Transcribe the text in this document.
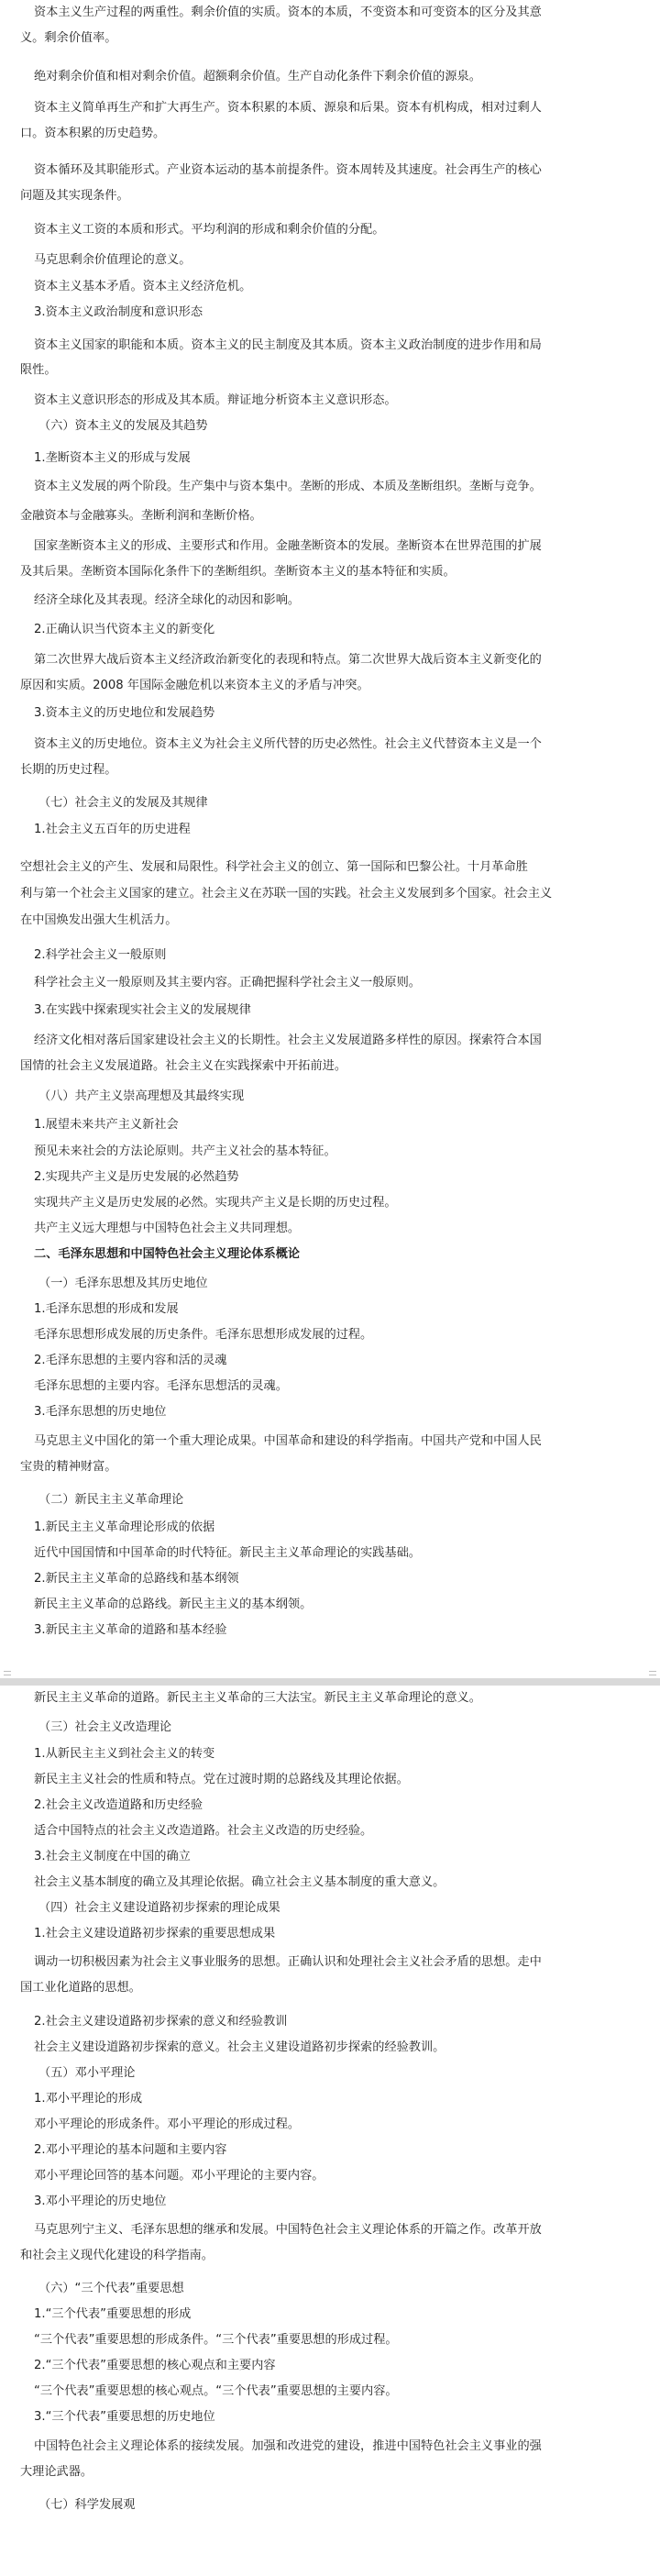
资本主义生产过程的两重性。剩余价值的实质。资本的本质，不变资本和可变资本的区分及其意
义。剩余价值率。
绝对剩余价值和相对剩余价值。超额剩余价值。生产自动化条件下剩余价值的源泉。
资本主义简单再生产和扩大再生产。资本积累的本质、源泉和后果。资本有机构成，相对过剩人
口。资本积累的历史趋势。
资本循环及其职能形式。产业资本运动的基本前提条件。资本周转及其速度。社会再生产的核心
问题及其实现条件。
资本主义工资的本质和形式。平均利润的形成和剩余价值的分配。
马克思剩余价值理论的意义。
资本主义基本矛盾。资本主义经济危机。
3.资本主义政治制度和意识形态
资本主义国家的职能和本质。资本主义的民主制度及其本质。资本主义政治制度的进步作用和局
限性。
资本主义意识形态的形成及其本质。辩证地分析资本主义意识形态。
（六）资本主义的发展及其趋势
1.垄断资本主义的形成与发展
资本主义发展的两个阶段。生产集中与资本集中。垄断的形成、本质及垄断组织。垄断与竞争。
金融资本与金融寡头。垄断利润和垄断价格。
国家垄断资本主义的形成、主要形式和作用。金融垄断资本的发展。垄断资本在世界范围的扩展
及其后果。垄断资本国际化条件下的垄断组织。垄断资本主义的基本特征和实质。
经济全球化及其表现。经济全球化的动因和影响。
2.正确认识当代资本主义的新变化
第二次世界大战后资本主义经济政治新变化的表现和特点。第二次世界大战后资本主义新变化的
原因和实质。2008 年国际金融危机以来资本主义的矛盾与冲突。
3.资本主义的历史地位和发展趋势
资本主义的历史地位。资本主义为社会主义所代替的历史必然性。社会主义代替资本主义是一个
长期的历史过程。
（七）社会主义的发展及其规律
1.社会主义五百年的历史进程
空想社会主义的产生、发展和局限性。科学社会主义的创立、第一国际和巴黎公社。十月革命胜
利与第一个社会主义国家的建立。社会主义在苏联一国的实践。社会主义发展到多个国家。社会主义
在中国焕发出强大生机活力。
2.科学社会主义一般原则
科学社会主义一般原则及其主要内容。正确把握科学社会主义一般原则。
3.在实践中探索现实社会主义的发展规律
经济文化相对落后国家建设社会主义的长期性。社会主义发展道路多样性的原因。探索符合本国
国情的社会主义发展道路。社会主义在实践探索中开拓前进。
（八）共产主义崇高理想及其最终实现
1.展望未来共产主义新社会
预见未来社会的方法论原则。共产主义社会的基本特征。
2.实现共产主义是历史发展的必然趋势
实现共产主义是历史发展的必然。实现共产主义是长期的历史过程。
共产主义远大理想与中国特色社会主义共同理想。
二、毛泽东思想和中国特色社会主义理论体系概论
（一）毛泽东思想及其历史地位
1.毛泽东思想的形成和发展
毛泽东思想形成发展的历史条件。毛泽东思想形成发展的过程。
2.毛泽东思想的主要内容和活的灵魂
毛泽东思想的主要内容。毛泽东思想活的灵魂。
3.毛泽东思想的历史地位
马克思主义中国化的第一个重大理论成果。中国革命和建设的科学指南。中国共产党和中国人民
宝贵的精神财富。
（二）新民主主义革命理论
1.新民主主义革命理论形成的依据
近代中国国情和中国革命的时代特征。新民主主义革命理论的实践基础。
2.新民主主义革命的总路线和基本纲领
新民主主义革命的总路线。新民主主义的基本纲领。
3.新民主主义革命的道路和基本经验
新民主主义革命的道路。新民主主义革命的三大法宝。新民主主义革命理论的意义。
（三）社会主义改造理论
1.从新民主主义到社会主义的转变
新民主主义社会的性质和特点。党在过渡时期的总路线及其理论依据。
2.社会主义改造道路和历史经验
适合中国特点的社会主义改造道路。社会主义改造的历史经验。
3.社会主义制度在中国的确立
社会主义基本制度的确立及其理论依据。确立社会主义基本制度的重大意义。
（四）社会主义建设道路初步探索的理论成果
1.社会主义建设道路初步探索的重要思想成果
调动一切积极因素为社会主义事业服务的思想。正确认识和处理社会主义社会矛盾的思想。走中
国工业化道路的思想。
2.社会主义建设道路初步探索的意义和经验教训
社会主义建设道路初步探索的意义。社会主义建设道路初步探索的经验教训。
（五）邓小平理论
1.邓小平理论的形成
邓小平理论的形成条件。邓小平理论的形成过程。
2.邓小平理论的基本问题和主要内容
邓小平理论回答的基本问题。邓小平理论的主要内容。
3.邓小平理论的历史地位
马克思列宁主义、毛泽东思想的继承和发展。中国特色社会主义理论体系的开篇之作。改革开放
和社会主义现代化建设的科学指南。
（六）“三个代表”重要思想
1.“三个代表”重要思想的形成
“三个代表”重要思想的形成条件。“三个代表”重要思想的形成过程。
2.“三个代表”重要思想的核心观点和主要内容
“三个代表”重要思想的核心观点。“三个代表”重要思想的主要内容。
3.“三个代表”重要思想的历史地位
中国特色社会主义理论体系的接续发展。加强和改进党的建设，推进中国特色社会主义事业的强
大理论武器。
（七）科学发展观
